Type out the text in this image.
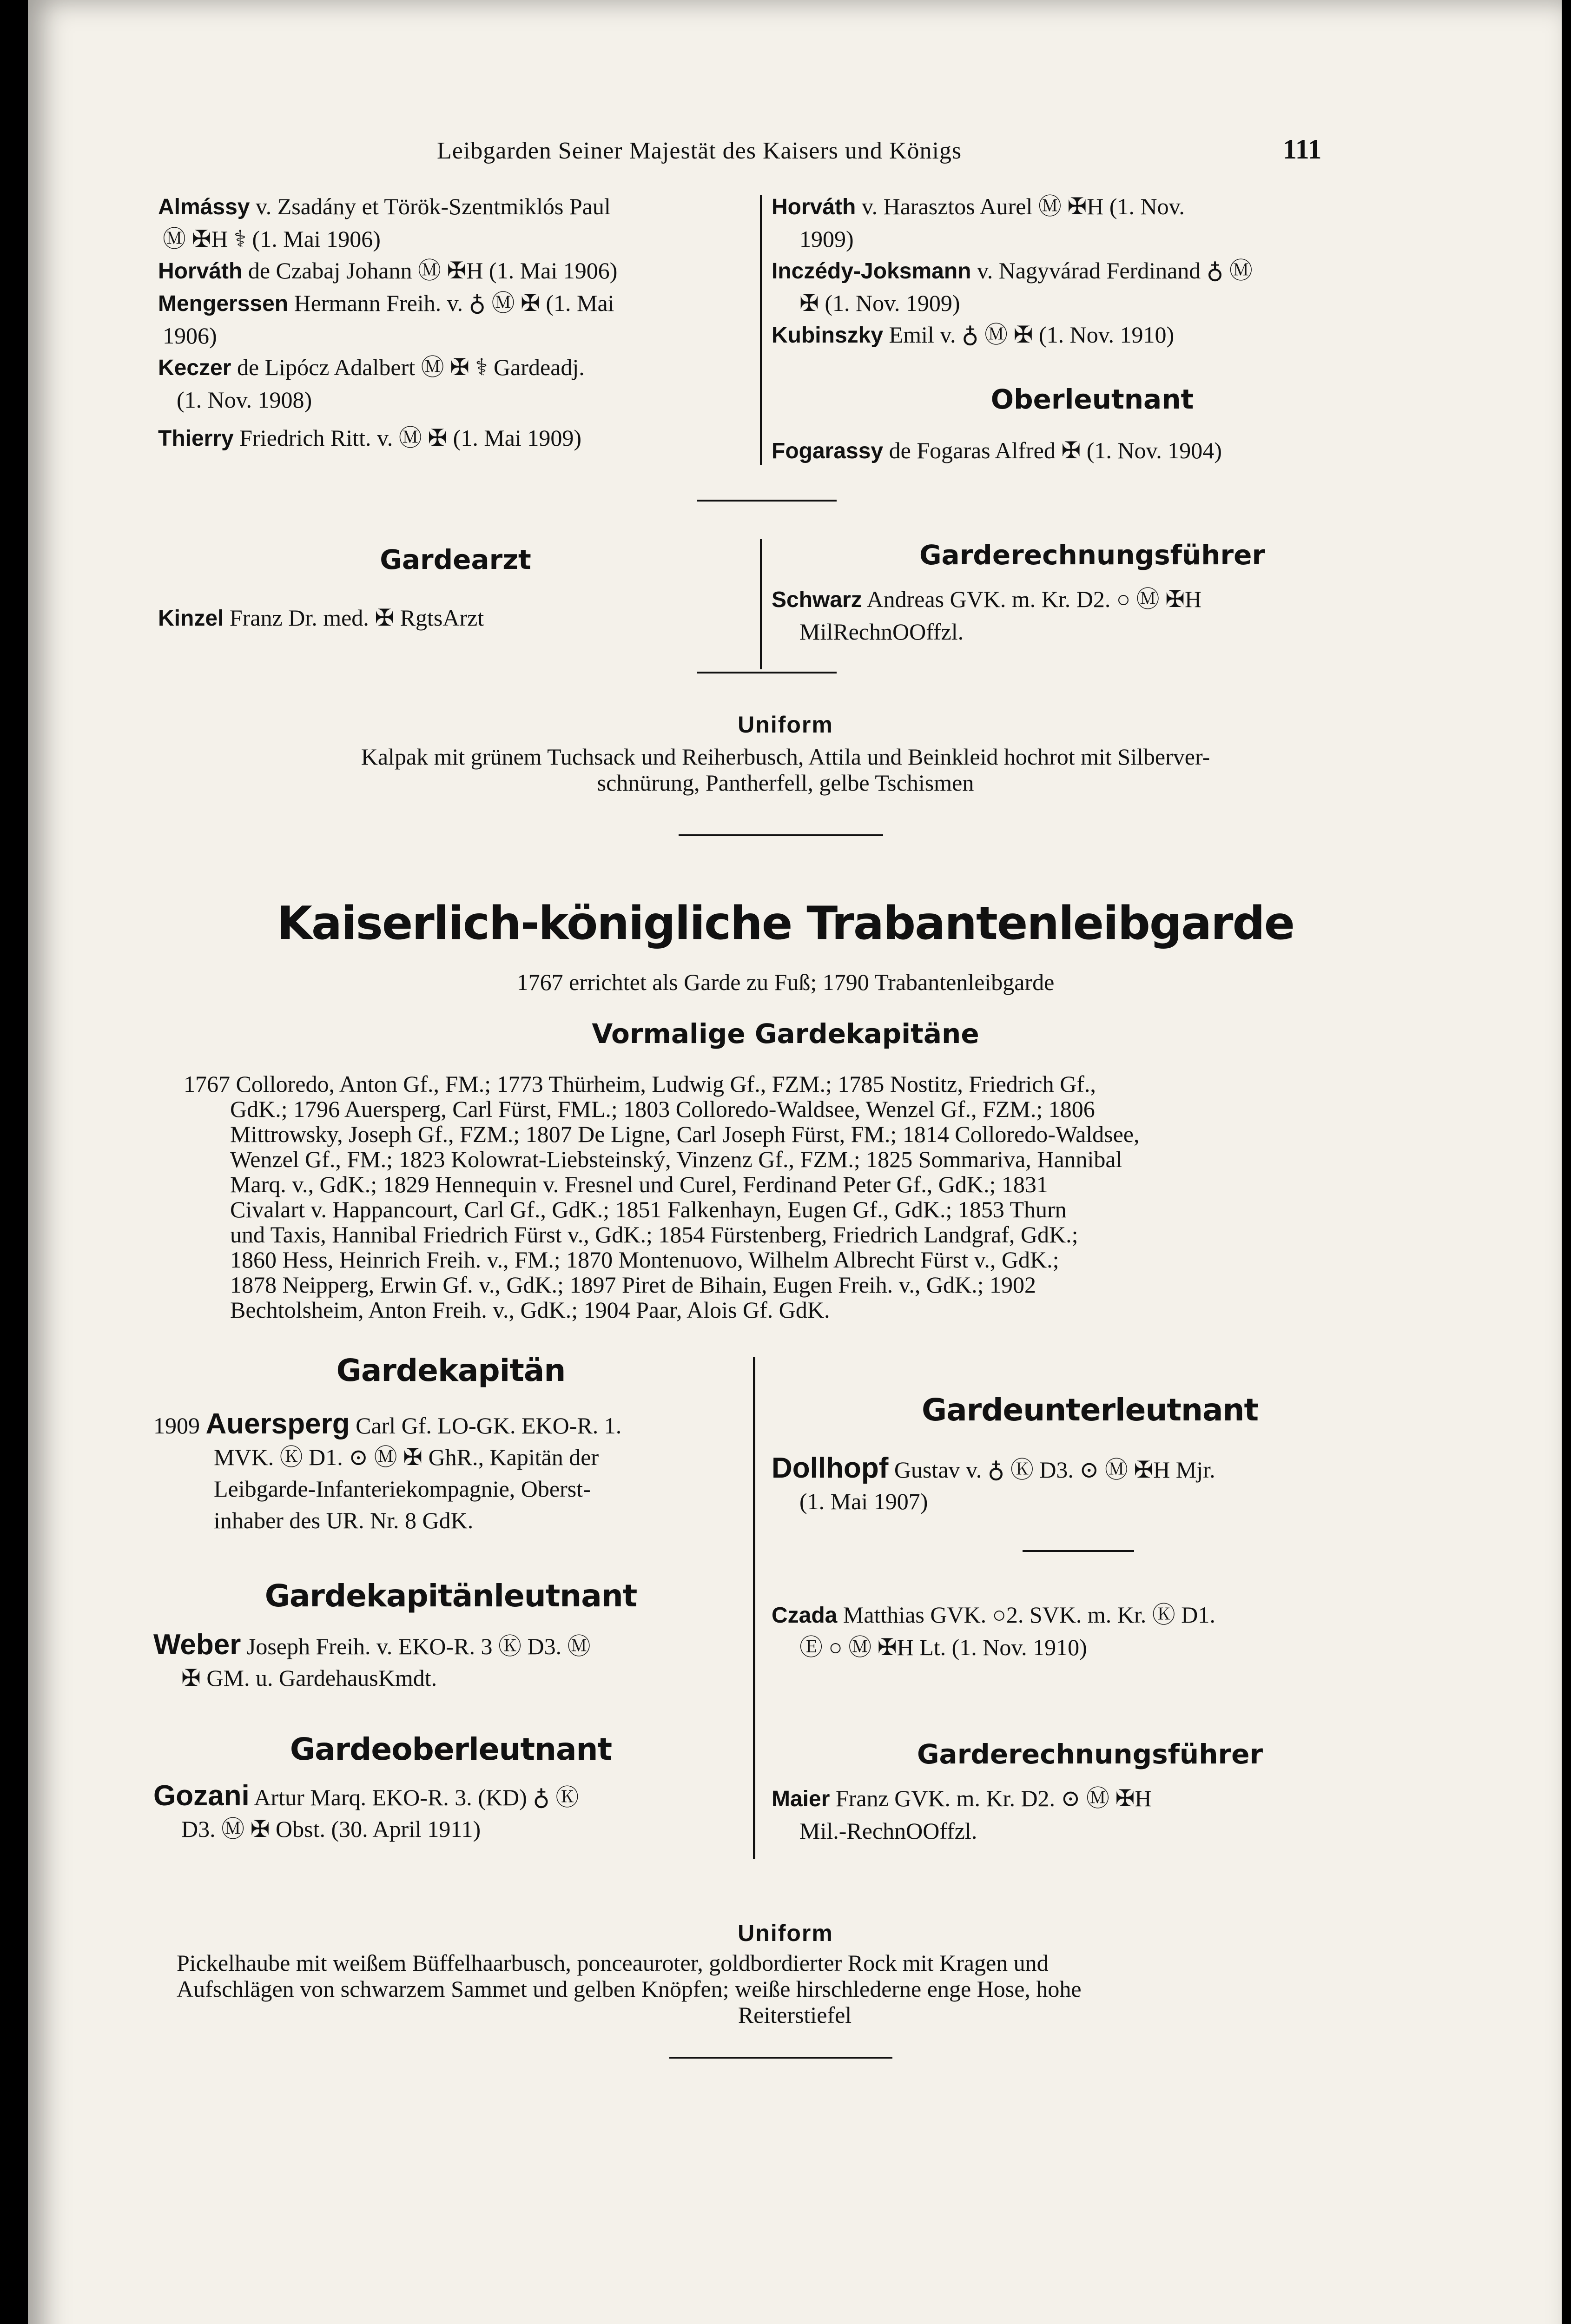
Leibgarden Seiner Majestät des Kaisers und Königs	111
Almássy v. Zsadány et Török-Szentmiklós Paul
Ⓜ ✠H ⚕ (1. Mai 1906)
Horváth de Czabaj Johann Ⓜ ✠H (1. Mai 1906)
Mengerssen Hermann Freih. v. ♁ Ⓜ ✠ (1. Mai
1906)
Keczer de Lipócz Adalbert Ⓜ ✠ ⚕ Gardeadj.
(1. Nov. 1908)
Thierry Friedrich Ritt. v. Ⓜ ✠ (1. Mai 1909)
Horváth v. Harasztos Aurel Ⓜ ✠H (1. Nov.
1909)
Inczédy-Joksmann v. Nagyvárad Ferdinand ♁ Ⓜ
✠ (1. Nov. 1909)
Kubinszky Emil v. ♁ Ⓜ ✠ (1. Nov. 1910)
Oberleutnant
Fogarassy de Fogaras Alfred ✠ (1. Nov. 1904)
Gardearzt
Kinzel Franz Dr. med. ✠ RgtsArzt
Garderechnungsführer
Schwarz Andreas GVK. m. Kr. D2. ○ Ⓜ ✠H
MilRechnOOffzl.
Uniform
Kalpak mit grünem Tuchsack und Reiherbusch, Attila und Beinkleid hochrot mit Silberver-
schnürung, Pantherfell, gelbe Tschismen
Kaiserlich-königliche Trabantenleibgarde
1767 errichtet als Garde zu Fuß; 1790 Trabantenleibgarde
Vormalige Gardekapitäne
1767 Colloredo, Anton Gf., FM.; 1773 Thürheim, Ludwig Gf., FZM.; 1785 Nostitz, Friedrich Gf.,
GdK.; 1796 Auersperg, Carl Fürst, FML.; 1803 Colloredo-Waldsee, Wenzel Gf., FZM.; 1806
Mittrowsky, Joseph Gf., FZM.; 1807 De Ligne, Carl Joseph Fürst, FM.; 1814 Colloredo-Waldsee,
Wenzel Gf., FM.; 1823 Kolowrat-Liebsteinský, Vinzenz Gf., FZM.; 1825 Sommariva, Hannibal
Marq. v., GdK.; 1829 Hennequin v. Fresnel und Curel, Ferdinand Peter Gf., GdK.; 1831
Civalart v. Happancourt, Carl Gf., GdK.; 1851 Falkenhayn, Eugen Gf., GdK.; 1853 Thurn
und Taxis, Hannibal Friedrich Fürst v., GdK.; 1854 Fürstenberg, Friedrich Landgraf, GdK.;
1860 Hess, Heinrich Freih. v., FM.; 1870 Montenuovo, Wilhelm Albrecht Fürst v., GdK.;
1878 Neipperg, Erwin Gf. v., GdK.; 1897 Piret de Bihain, Eugen Freih. v., GdK.; 1902
Bechtolsheim, Anton Freih. v., GdK.; 1904 Paar, Alois Gf. GdK.
Gardekapitän
1909 Auersperg Carl Gf. LO-GK. EKO-R. 1.
MVK. Ⓚ D1. ⊙ Ⓜ ✠ GhR., Kapitän der
Leibgarde-Infanteriekompagnie, Oberst-
inhaber des UR. Nr. 8 GdK.
Gardekapitänleutnant
Weber Joseph Freih. v. EKO-R. 3 Ⓚ D3. Ⓜ
✠ GM. u. GardehausKmdt.
Gardeoberleutnant
Gozani Artur Marq. EKO-R. 3. (KD) ♁ Ⓚ
D3. Ⓜ ✠ Obst. (30. April 1911)
Gardeunterleutnant
Dollhopf Gustav v. ♁ Ⓚ D3. ⊙ Ⓜ ✠H Mjr.
(1. Mai 1907)
Czada Matthias GVK. ○2. SVK. m. Kr. Ⓚ D1.
Ⓔ ○ Ⓜ ✠H Lt. (1. Nov. 1910)
Garderechnungsführer
Maier Franz GVK. m. Kr. D2. ⊙ Ⓜ ✠H
Mil.-RechnOOffzl.
Uniform
Pickelhaube mit weißem Büffelhaarbusch, ponceauroter, goldbordierter Rock mit Kragen und
Aufschlägen von schwarzem Sammet und gelben Knöpfen; weiße hirschlederne enge Hose, hohe
Reiterstiefel
